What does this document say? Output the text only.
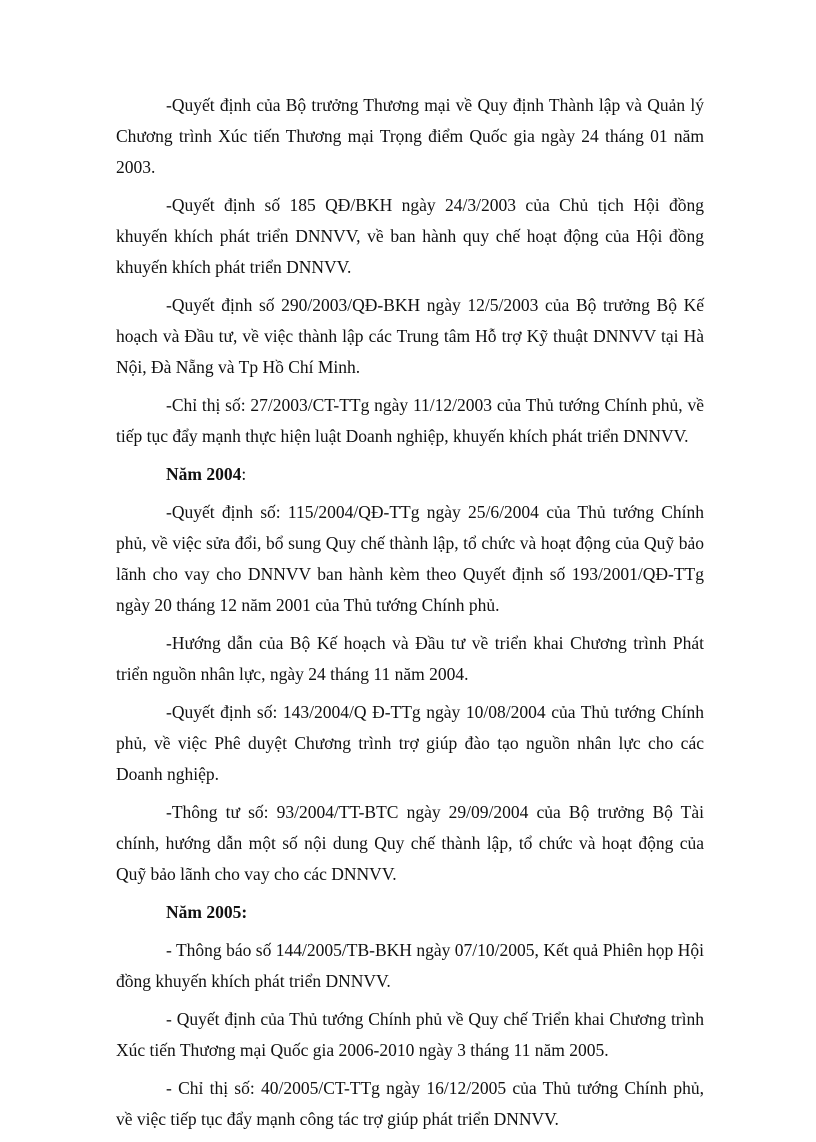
-Quyết định của Bộ trưởng Thương mại về Quy định Thành lập và Quản lý Chương trình Xúc tiến Thương mại Trọng điểm Quốc gia ngày 24 tháng 01 năm 2003.

-Quyết định số 185 QĐ/BKH ngày 24/3/2003 của Chủ tịch Hội đồng khuyến khích phát triển DNNVV, về ban hành quy chế hoạt động của Hội đồng khuyến khích phát triển DNNVV.

-Quyết định số 290/2003/QĐ-BKH ngày 12/5/2003 của Bộ trưởng Bộ Kế hoạch và Đầu tư, về việc thành lập các Trung tâm Hỗ trợ Kỹ thuật DNNVV tại Hà Nội, Đà Nẵng và Tp Hồ Chí Minh.

-Chỉ thị số: 27/2003/CT-TTg ngày 11/12/2003 của Thủ tướng Chính phủ, về tiếp tục đẩy mạnh thực hiện luật Doanh nghiệp, khuyến khích phát triển DNNVV.

Năm 2004:

-Quyết định số: 115/2004/QĐ-TTg ngày 25/6/2004 của Thủ tướng Chính phủ, về việc sửa đổi, bổ sung Quy chế thành lập, tổ chức và hoạt động của Quỹ bảo lãnh cho vay cho DNNVV ban hành kèm theo Quyết định số 193/2001/QĐ-TTg ngày 20 tháng 12 năm 2001 của Thủ tướng Chính phủ.

-Hướng dẫn của Bộ Kế hoạch và Đầu tư về triển khai Chương trình Phát triển nguồn nhân lực, ngày 24 tháng 11 năm 2004.

-Quyết định số: 143/2004/Q Đ-TTg ngày 10/08/2004 của Thủ tướng Chính phủ, về việc Phê duyệt Chương trình trợ giúp đào tạo nguồn nhân lực cho các Doanh nghiệp.

-Thông tư số: 93/2004/TT-BTC ngày 29/09/2004 của Bộ trưởng Bộ Tài chính, hướng dẫn một số nội dung Quy chế thành lập, tổ chức và hoạt động của Quỹ bảo lãnh cho vay cho các DNNVV.

Năm 2005:

- Thông báo số 144/2005/TB-BKH ngày 07/10/2005, Kết quả Phiên họp Hội đồng khuyến khích phát triển DNNVV.

- Quyết định của Thủ tướng Chính phủ về Quy chế Triển khai Chương trình Xúc tiến Thương mại Quốc gia 2006-2010 ngày 3 tháng 11 năm 2005.

- Chỉ thị số: 40/2005/CT-TTg ngày 16/12/2005 của Thủ tướng Chính phủ, về việc tiếp tục đẩy mạnh công tác trợ giúp phát triển DNNVV.
